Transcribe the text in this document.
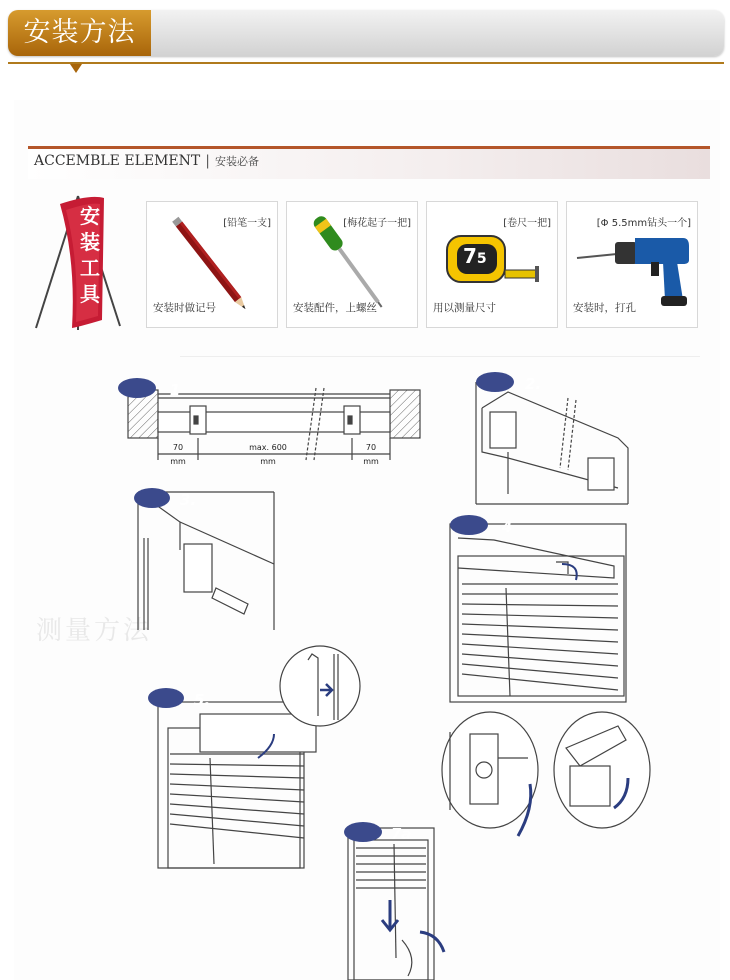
安装方法
ACCEMBLE ELEMENT | 安装必备
安
装
工
具
[铅笔一支]
安装时做记号
[梅花起子一把]
安装配件，上螺丝
75
[卷尺一把]
用以测量尺寸
[Φ 5.5mm钻头一个]
安装时，打孔
测量方法
70
mm
max. 600
mm
70
mm
1	2.
3.
4
5.
7a
